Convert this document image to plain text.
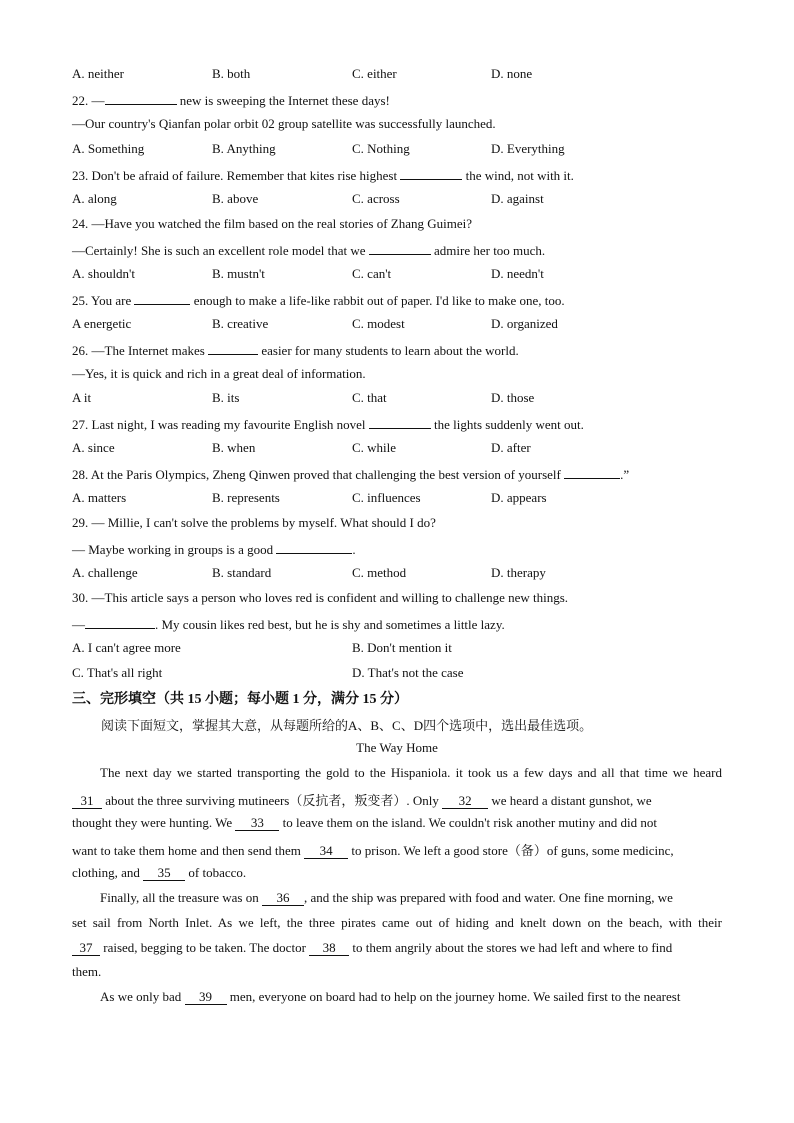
A. neither	B. both	C. either	D. none
22. —	new is sweeping the Internet these days!
—Our country's Qianfan polar orbit 02 group satellite was successfully launched.
A. Something	B. Anything	C. Nothing	D. Everything
23. Don't be afraid of failure. Remember that kites rise highest	the wind, not with it.
A. along	B. above	C. across	D. against
24. —Have you watched the film based on the real stories of Zhang Guimei?
—Certainly! She is such an excellent role model that we	admire her too much.
A. shouldn't	B. mustn't	C. can't	D. needn't
25. You are	enough to make a life-like rabbit out of paper. I'd like to make one, too.
A energetic	B. creative	C. modest	D. organized
26. —The Internet makes	easier for many students to learn about the world.
—Yes, it is quick and rich in a great deal of information.
A it	B. its	C. that	D. those
27. Last night, I was reading my favourite English novel	the lights suddenly went out.
A. since	B. when	C. while	D. after
28. At the Paris Olympics, Zheng Qinwen proved that challenging the best version of yourself	.”
A. matters	B. represents	C. influences	D. appears
29. — Millie, I can't solve the problems by myself. What should I do?
— Maybe working in groups is a good	.
A. challenge	B. standard	C. method	D. therapy
30. —This article says a person who loves red is confident and willing to challenge new things.
—	. My cousin likes red best, but he is shy and sometimes a little lazy.
A. I can't agree more	B. Don't mention it
C. That's all right	D. That's not the case
三、完形填空（共 15 小题；每小题 1 分，满分 15 分）
阅读下面短文，掌握其大意，从每题所给的A、B、C、D四个选项中，选出最佳选项。
The Way Home
The next day we started transporting the gold to the Hispaniola. it took us a few days and all that time we heard
31 about the three surviving mutineers（反抗者，叛变者）. Only 32 we heard a distant gunshot, we
thought they were hunting. We 33 to leave them on the island. We couldn't risk another mutiny and did not
want to take them home and then send them 34 to prison. We left a good store（备）of guns, some medicinc,
clothing, and 35 of tobacco.
Finally, all the treasure was on 36 , and the ship was prepared with food and water. One fine morning, we
set sail from North Inlet. As we left, the three pirates came out of hiding and knelt down on the beach, with their
37 raised, begging to be taken. The doctor 38 to them angrily about the stores we had left and where to find
them.
As we only bad 39 men, everyone on board had to help on the journey home. We sailed first to the nearest
